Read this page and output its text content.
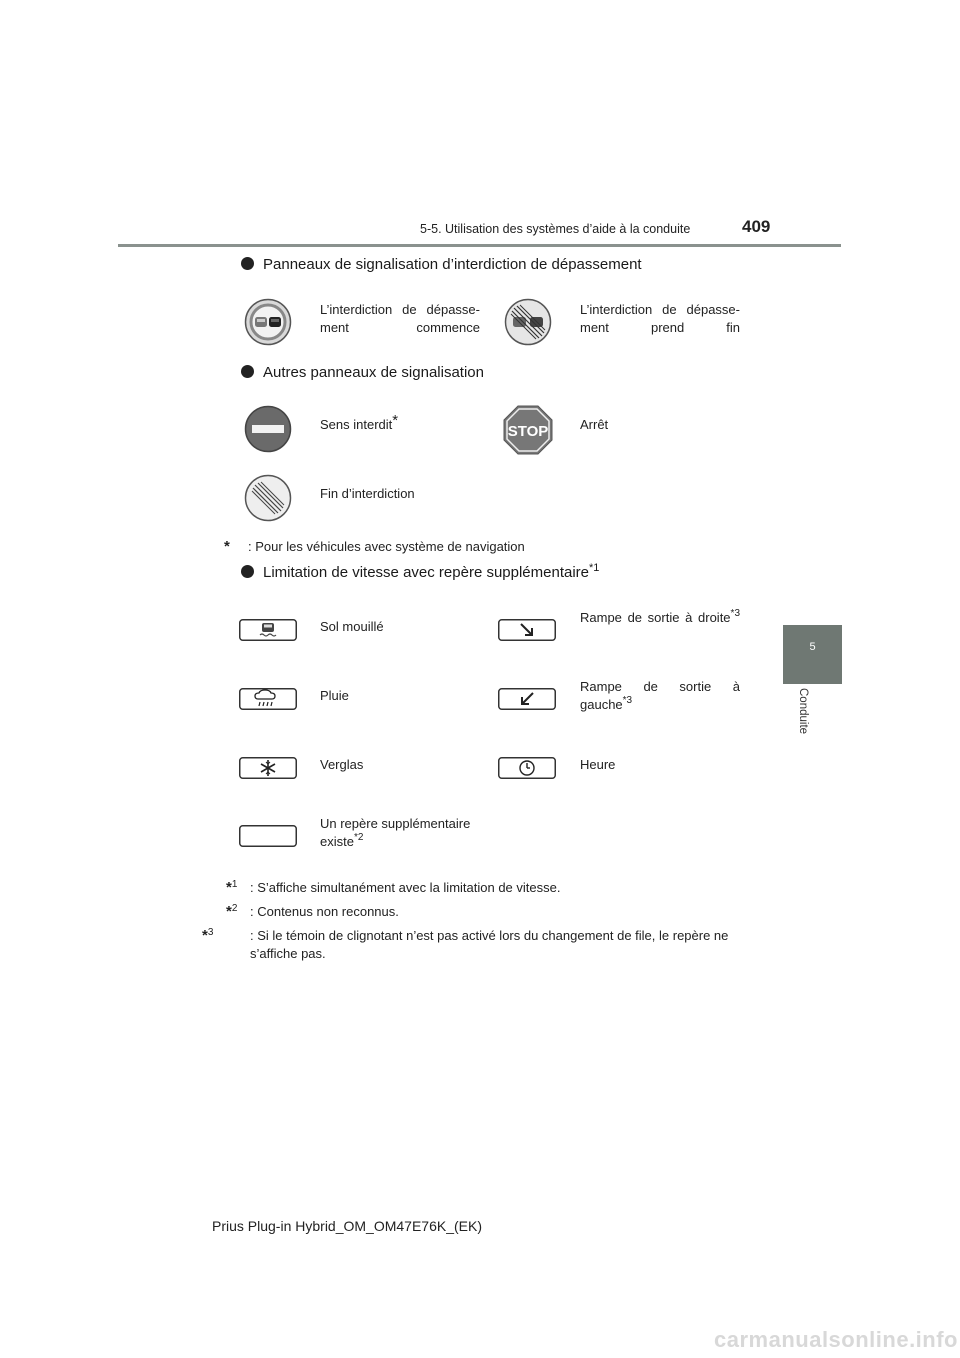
5-5. Utilisation des systèmes d’aide à la conduite	409
5
Conduite
Panneaux de signalisation d’interdiction de dépassement
L’interdiction de dépasse-ment commence
L’interdiction de dépasse-ment prend fin
Autres panneaux de signalisation
Sens interdit*
STOP Arrêt
Fin d’interdiction
* : Pour les véhicules avec système de navigation
Limitation de vitesse avec repère supplémentaire$^{*1}$
Sol mouillé
Rampe de sortie à droite$^{*3}$
Pluie
Rampe de sortie à gauche$^{*3}$
Verglas	Heure
Un repère supplémentaire existe$^{*2}$
*$^1$ : S’affiche simultanément avec la limitation de vitesse.
*$^2$ : Contenus non reconnus.
*$^3$	: Si le témoin de clignotant n’est pas activé lors du changement de file, le repère ne s’affiche pas.
Prius Plug-in Hybrid_OM_OM47E76K_(EK)
carmanualsonline.info
